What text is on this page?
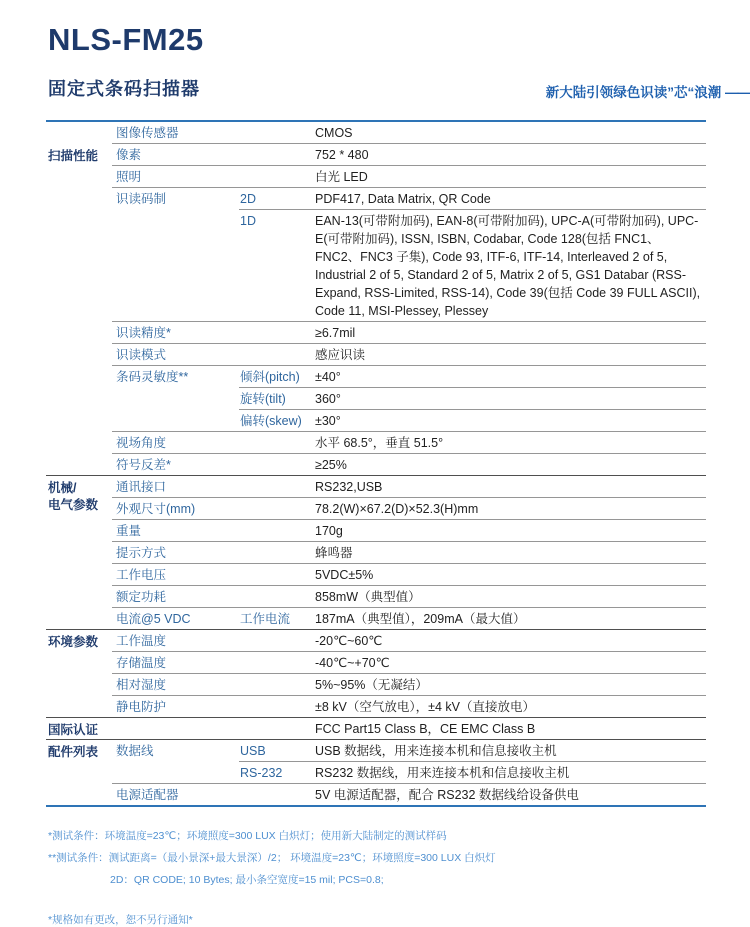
NLS-FM25
固定式条码扫描器	新大陆引领绿色识读”芯“浪潮 ——
扫描性能
图像传感器	CMOS
像素	752 * 480
照明	白光 LED
识读码制	2D	PDF417, Data Matrix, QR Code
1D	EAN-13(可带附加码), EAN-8(可带附加码), UPC-A(可带附加码), UPC-E(可带附加码), ISSN, ISBN, Codabar, Code 128(包括 FNC1、FNC2、FNC3 子集), Code 93, ITF-6, ITF-14, Interleaved 2 of 5, Industrial 2 of 5, Standard 2 of 5, Matrix 2 of 5, GS1 Databar (RSS-Expand, RSS-Limited, RSS-14), Code 39(包括 Code 39 FULL ASCII), Code 11, MSI-Plessey, Plessey
识读精度*	≥6.7mil
识读模式	感应识读
条码灵敏度**	倾斜(pitch)	±40°
旋转(tilt)	360°
偏转(skew)	±30°
视场角度	水平 68.5°，垂直 51.5°
符号反差*	≥25%
机械/
电气参数
通讯接口	RS232,USB
外观尺寸(mm)	78.2(W)×67.2(D)×52.3(H)mm
重量	170g
提示方式	蜂鸣器
工作电压	5VDC±5%
额定功耗	858mW（典型值）
电流@5 VDC	工作电流	187mA（典型值），209mA（最大值）
环境参数	工作温度	-20℃~60℃
存储温度	-40℃~+70℃
相对湿度	5%~95%（无凝结）
静电防护	±8 kV（空气放电），±4 kV（直接放电）
国际认证	FCC Part15 Class B，CE EMC Class B
配件列表	数据线	USB	USB 数据线，用来连接本机和信息接收主机
RS-232	RS232 数据线，用来连接本机和信息接收主机
电源适配器	5V 电源适配器，配合 RS232 数据线给设备供电
*测试条件：环境温度=23℃；环境照度=300 LUX 白炽灯；使用新大陆制定的测试样码
**测试条件：测试距离=（最小景深+最大景深）/2； 环境温度=23℃；环境照度=300 LUX 白炽灯
2D：QR CODE; 10 Bytes; 最小条空宽度=15 mil; PCS=0.8;
*规格如有更改，恕不另行通知*
